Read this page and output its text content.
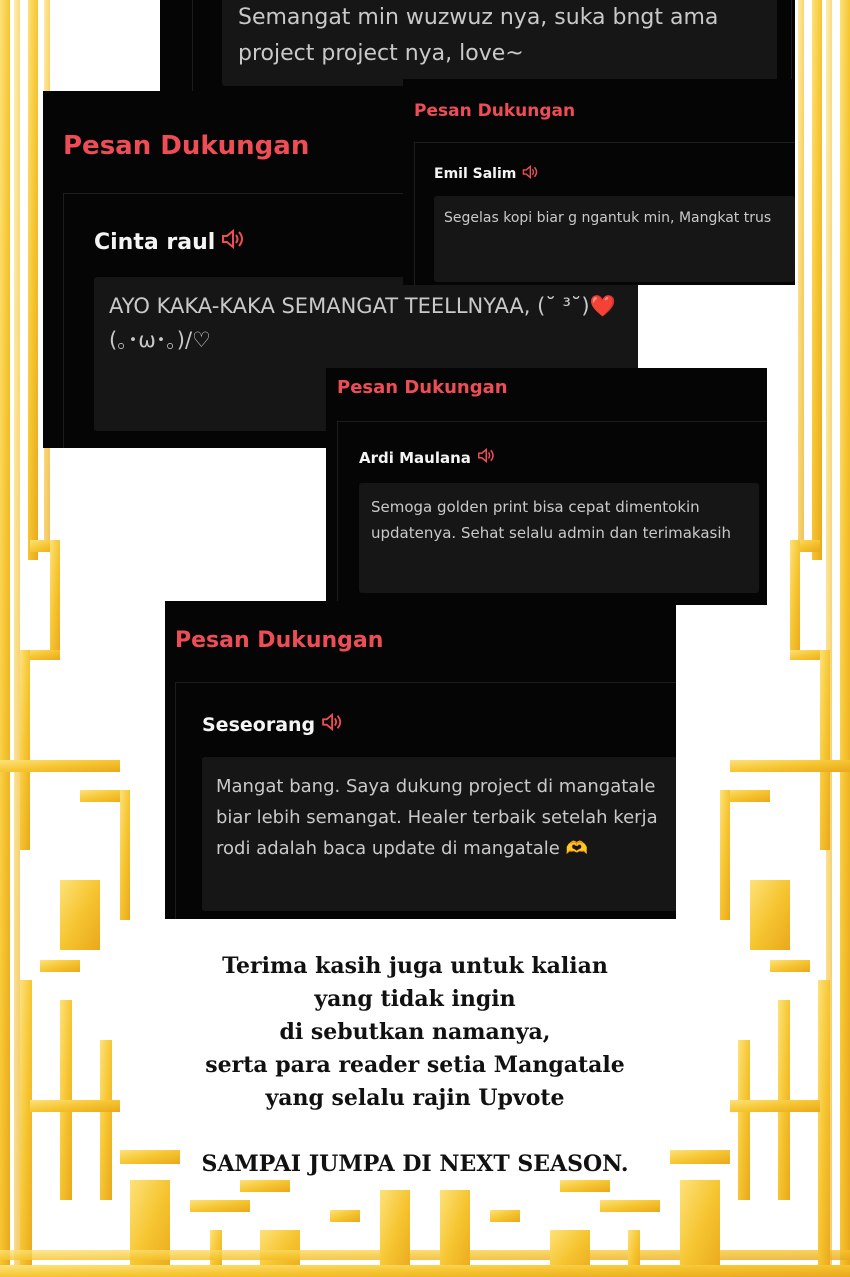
Semangat min wuzwuz nya, suka bngt ama project project nya, love~
Pesan Dukungan
Cinta raul
AYO KAKA-KAKA SEMANGAT TEELLNYAA, (˘ ³˘)❤️(｡･ω･｡)/♡
Pesan Dukungan
Emil Salim
Segelas kopi biar g ngantuk min, Mangkat trus
Pesan Dukungan
Ardi Maulana
Semoga golden print bisa cepat dimentokin updatenya. Sehat selalu admin dan terimakasih
Pesan Dukungan
Seseorang
Mangat bang. Saya dukung project di mangatale biar lebih semangat. Healer terbaik setelah kerja rodi adalah baca update di mangatale 🫶
Terima kasih juga untuk kalian
yang tidak ingin
di sebutkan namanya,
serta para reader setia Mangatale
yang selalu rajin Upvote
SAMPAI JUMPA DI NEXT SEASON.
